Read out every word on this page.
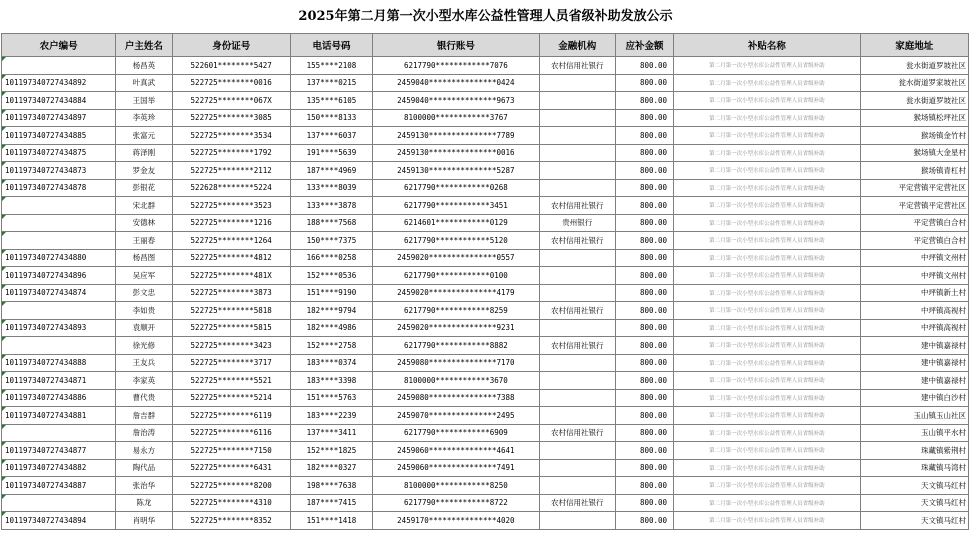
2025年第二月第一次小型水库公益性管理人员省级补助发放公示
农户编号	户主姓名	身份证号	电话号码	银行账号	金融机构	应补金额	补贴名称	家庭地址
	杨昌英	522601********5427	155****2108	6217790************7076	农村信用社银行	800.00	第二月第一次小型水库公益性管理人员省级补助	瓮水街道罗坡社区
101197340727434892	叶真武	522725********0016	137****0215	2459040***************0424		800.00	第二月第一次小型水库公益性管理人员省级补助	瓮水街道罗家坡社区
101197340727434884	王国举	522725********067X	135****6105	2459040***************9673		800.00	第二月第一次小型水库公益性管理人员省级补助	瓮水街道罗坡社区
101197340727434897	李英珍	522725********3085	150****8133	8100000************3767		800.00	第二月第一次小型水库公益性管理人员省级补助	猴场镇松坪社区
101197340727434885	张富元	522725********3534	137****6037	2459130***************7789		800.00	第二月第一次小型水库公益性管理人员省级补助	猴场镇金竹村
101197340727434875	蒋泽刚	522725********1792	191****5639	2459130***************0016		800.00	第二月第一次小型水库公益性管理人员省级补助	猴场镇大金星村
101197340727434873	罗金友	522725********2112	187****4969	2459130***************5287		800.00	第二月第一次小型水库公益性管理人员省级补助	猴场镇青杠村
101197340727434878	彭银花	522628********5224	133****8039	6217790************0268		800.00	第二月第一次小型水库公益性管理人员省级补助	平定营镇平定营社区
	宋北群	522725********3523	133****3878	6217790************3451	农村信用社银行	800.00	第二月第一次小型水库公益性管理人员省级补助	平定营镇平定营社区
	安德林	522725********1216	188****7568	6214601************0129	贵州银行	800.00	第二月第一次小型水库公益性管理人员省级补助	平定营镇白合村
	王丽春	522725********1264	150****7375	6217790************5120	农村信用社银行	800.00	第二月第一次小型水库公益性管理人员省级补助	平定营镇白合村
101197340727434880	杨昌图	522725********4812	166****0258	2459020***************0557		800.00	第二月第一次小型水库公益性管理人员省级补助	中坪镇文州村
101197340727434896	吴应军	522725********481X	152****0536	6217790************0100		800.00	第二月第一次小型水库公益性管理人员省级补助	中坪镇文州村
101197340727434874	彭文忠	522725********3873	151****9190	2459020***************4179		800.00	第二月第一次小型水库公益性管理人员省级补助	中坪镇新土村
	李如贵	522725********5818	182****9794	6217790************8259	农村信用社银行	800.00	第二月第一次小型水库公益性管理人员省级补助	中坪镇高视村
101197340727434893	袁顺开	522725********5815	182****4986	2459020***************9231		800.00	第二月第一次小型水库公益性管理人员省级补助	中坪镇高视村
	徐光修	522725********3423	152****2758	6217790************8882	农村信用社银行	800.00	第二月第一次小型水库公益性管理人员省级补助	建中镇嘉禄村
101197340727434888	王友兵	522725********3717	183****0374	2459080***************7170		800.00	第二月第一次小型水库公益性管理人员省级补助	建中镇嘉禄村
101197340727434871	李家英	522725********5521	183****3398	8100000************3670		800.00	第二月第一次小型水库公益性管理人员省级补助	建中镇嘉禄村
101197340727434886	曹代贵	522725********5214	151****5763	2459080***************7388		800.00	第二月第一次小型水库公益性管理人员省级补助	建中镇白沙村
101197340727434881	詹吉群	522725********6119	183****2239	2459070***************2495		800.00	第二月第一次小型水库公益性管理人员省级补助	玉山镇玉山社区
	詹治涛	522725********6116	137****3411	6217790************6909	农村信用社银行	800.00	第二月第一次小型水库公益性管理人员省级补助	玉山镇平水村
101197340727434877	易永方	522725********7150	152****1825	2459060***************4641		800.00	第二月第一次小型水库公益性管理人员省级补助	珠藏镇紫荆村
101197340727434882	陶代品	522725********6431	182****0327	2459060***************7491		800.00	第二月第一次小型水库公益性管理人员省级补助	珠藏镇马湾村
101197340727434887	张治华	522725********8200	198****7638	8100000************8250		800.00	第二月第一次小型水库公益性管理人员省级补助	天文镇马红村
	陈龙	522725********4310	187****7415	6217790************8722	农村信用社银行	800.00	第二月第一次小型水库公益性管理人员省级补助	天文镇马红村
101197340727434894	肖明华	522725********8352	151****1418	2459170***************4020		800.00	第二月第一次小型水库公益性管理人员省级补助	天文镇马红村
